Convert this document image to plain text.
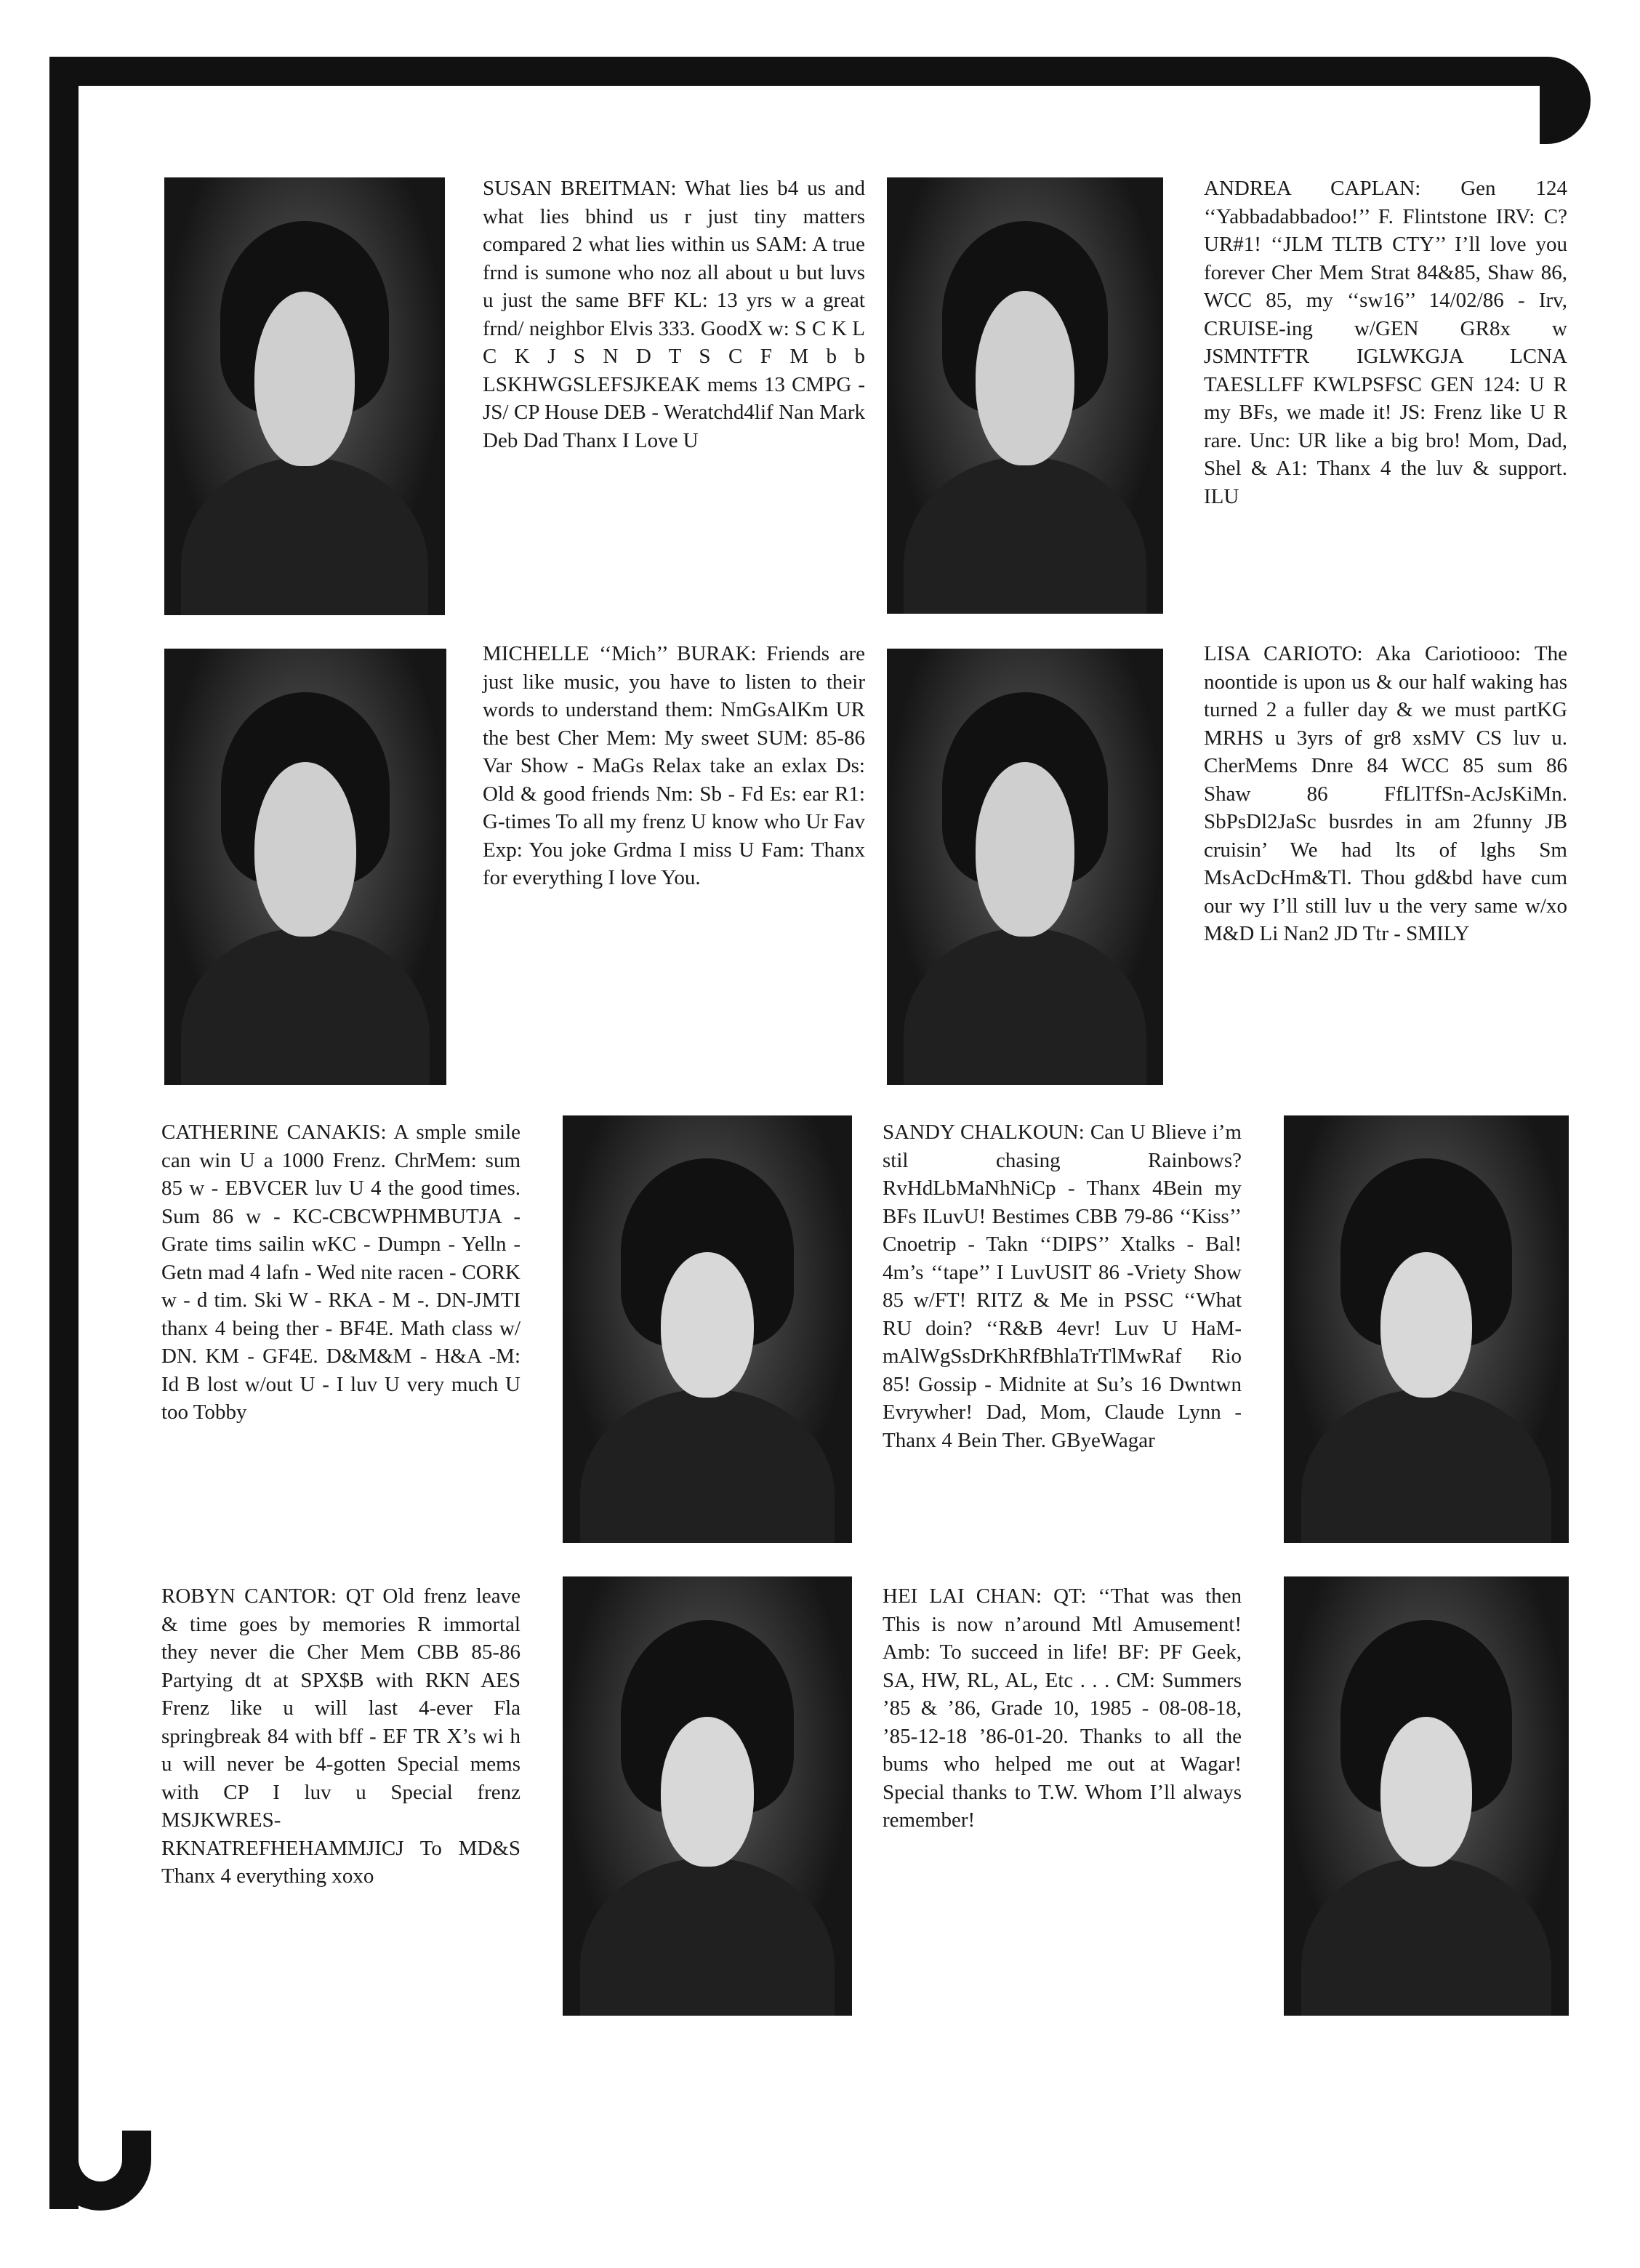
SUSAN BREITMAN: What lies b4 us and what lies bhind us r just tiny matters compared 2 what lies within us SAM: A true frnd is sumone who noz all about u but luvs u just the same BFF KL: 13 yrs w a great frnd/ neighbor Elvis 333. GoodX w: S C K L C K J S N D T S C F M b b LSKHWGSLEFSJKEAK mems 13 CMPG - JS/ CP House DEB - Weratchd4lif Nan Mark Deb Dad Thanx I Love U

ANDREA CAPLAN: Gen 124 ‘‘Yabbadabbadoo!’’ F. Flintstone IRV: C?UR#1! ‘‘JLM TLTB CTY’’ I’ll love you forever Cher Mem Strat 84&85, Shaw 86, WCC 85, my ‘‘sw16’’ 14/02/86 - Irv, CRUISE-ing w/GEN GR8x w JSMNTFTR IGLWKGJA LCNA TAESLLFF KWLPSFSC GEN 124: U R my BFs, we made it! JS: Frenz like U R rare. Unc: UR like a big bro! Mom, Dad, Shel & A1: Thanx 4 the luv & support. ILU

MICHELLE ‘‘Mich’’ BURAK: Friends are just like music, you have to listen to their words to understand them: NmGsAlKm UR the best Cher Mem: My sweet SUM: 85-86 Var Show - MaGs Relax take an exlax Ds: Old & good friends Nm: Sb - Fd Es: ear R1: G-times To all my frenz U know who Ur Fav Exp: You joke Grdma I miss U Fam: Thanx for everything I love You.

LISA CARIOTO: Aka Cariotiooo: The noontide is upon us & our half waking has turned 2 a fuller day & we must partKG MRHS u 3yrs of gr8 xsMV CS luv u. CherMems Dnre 84 WCC 85 sum 86 Shaw 86 FfLlTfSn-AcJsKiMn. SbPsDl2JaSc busrdes in am 2funny JB cruisin’ We had lts of lghs Sm MsAcDcHm&Tl. Thou gd&bd have cum our wy I’ll still luv u the very same w/xo M&D Li Nan2 JD Ttr - SMILY

CATHERINE CANAKIS: A smple smile can win U a 1000 Frenz. ChrMem: sum 85 w - EBVCER luv U 4 the good times. Sum 86 w - KC-CBCWPHMBUTJA - Grate tims sailin wKC - Dumpn - Yelln - Getn mad 4 lafn - Wed nite racen - CORK w - d tim. Ski W - RKA - M -. DN-JMTI thanx 4 being ther - BF4E. Math class w/ DN. KM - GF4E. D&M&M - H&A -M: Id B lost w/out U - I luv U very much U too Tobby

SANDY CHALKOUN: Can U Blieve i’m stil chasing Rainbows? RvHdLbMaNhNiCp - Thanx 4Bein my BFs ILuvU! Bestimes CBB 79-86 ‘‘Kiss’’ Cnoetrip - Takn ‘‘DIPS’’ Xtalks - Bal! 4m’s ‘‘tape’’ I LuvUSIT 86 -Vriety Show 85 w/FT! RITZ & Me in PSSC ‘‘What RU doin? ‘‘R&B 4evr! Luv U HaM-mAlWgSsDrKhRfBhlaTrTlMwRaf Rio 85! Gossip - Midnite at Su’s 16 Dwntwn Evrywher! Dad, Mom, Claude Lynn - Thanx 4 Bein Ther. GByeWagar

ROBYN CANTOR: QT Old frenz leave & time goes by memories R immortal they never die Cher Mem CBB 85-86 Partying dt at SPX$B with RKN AES Frenz like u will last 4-ever Fla springbreak 84 with bff - EF TR X’s wi h u will never be 4-gotten Special mems with CP I luv u Special frenz MSJKWRES-RKNATREFHEHAMMJICJ To MD&S Thanx 4 everything xoxo

HEI LAI CHAN: QT: ‘‘That was then This is now n’around Mtl Amusement! Amb: To succeed in life! BF: PF Geek, SA, HW, RL, AL, Etc . . . CM: Summers ’85 & ’86, Grade 10, 1985 - 08-08-18, ’85-12-18 ’86-01-20. Thanks to all the bums who helped me out at Wagar! Special thanks to T.W. Whom I’ll always remember!
